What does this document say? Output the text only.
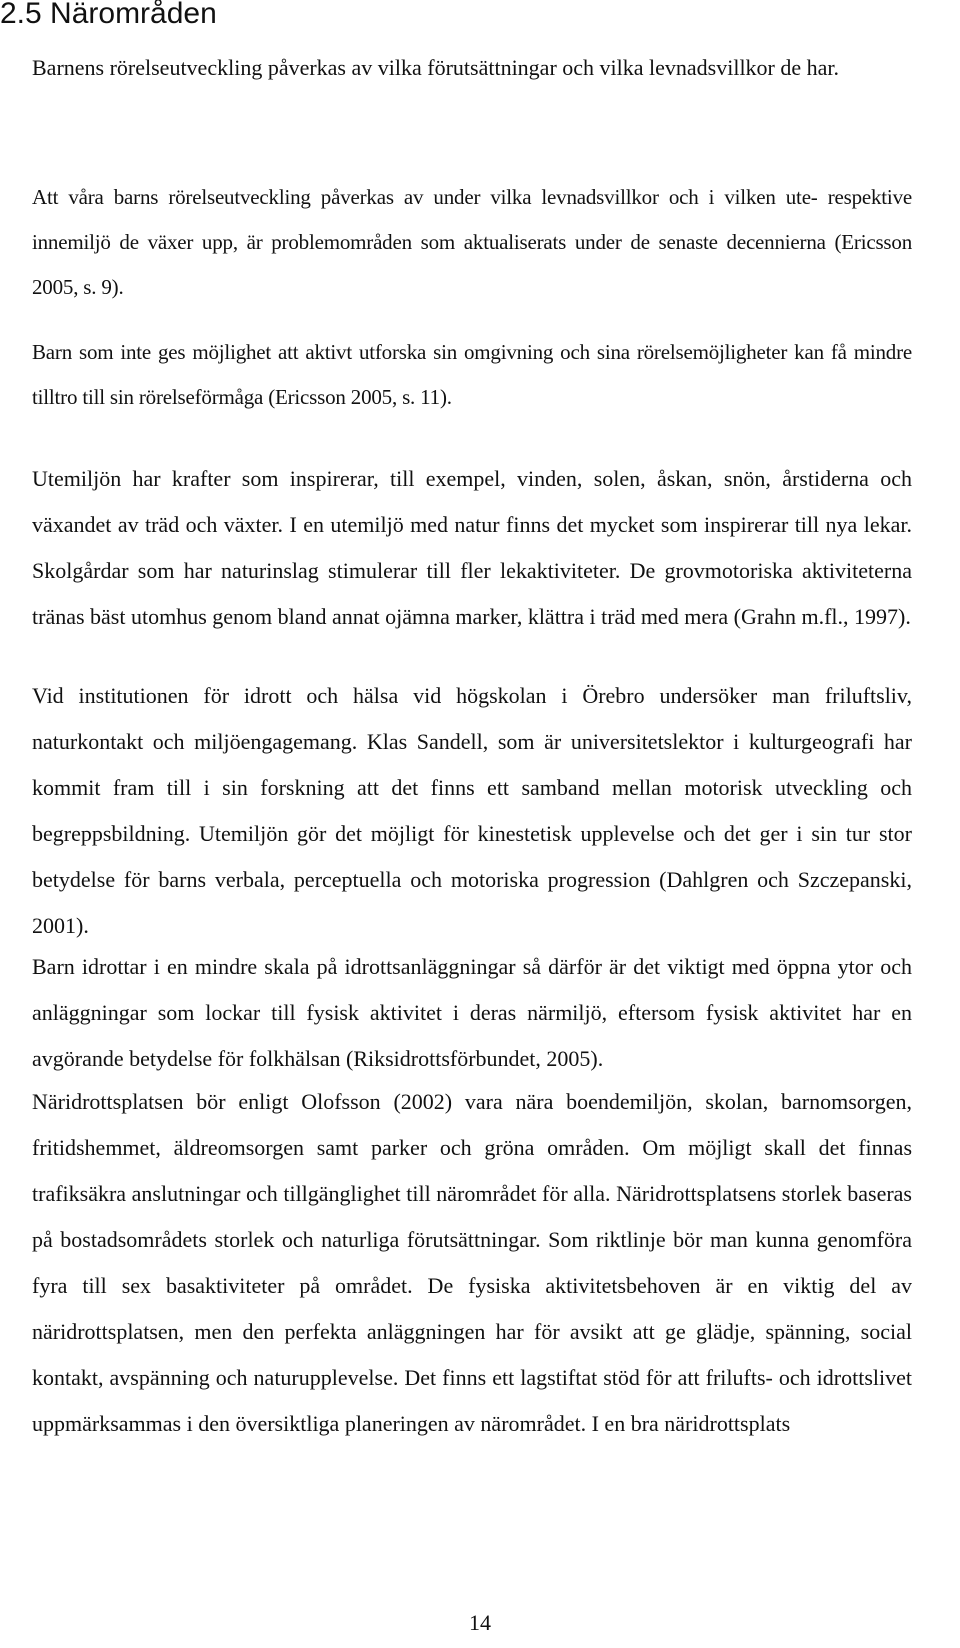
2.5 Närområden

Barnens rörelseutveckling påverkas av vilka förutsättningar och vilka levnadsvillkor de har.

Att våra barns rörelseutveckling påverkas av under vilka levnadsvillkor och i vilken ute- respektive innemiljö de växer upp, är problemområden som aktualiserats under de senaste decennierna (Ericsson 2005, s. 9).

Barn som inte ges möjlighet att aktivt utforska sin omgivning och sina rörelsemöjligheter kan få mindre tilltro till sin rörelseförmåga (Ericsson 2005, s. 11).

Utemiljön har krafter som inspirerar, till exempel, vinden, solen, åskan, snön, årstiderna och växandet av träd och växter. I en utemiljö med natur finns det mycket som inspirerar till nya lekar. Skolgårdar som har naturinslag stimulerar till fler lekaktiviteter. De grovmotoriska aktiviteterna tränas bäst utomhus genom bland annat ojämna marker, klättra i träd med mera (Grahn m.fl., 1997).

Vid institutionen för idrott och hälsa vid högskolan i Örebro undersöker man friluftsliv, naturkontakt och miljöengagemang. Klas Sandell, som är universitetslektor i kulturgeografi har kommit fram till i sin forskning att det finns ett samband mellan motorisk utveckling och begreppsbildning. Utemiljön gör det möjligt för kinestetisk upplevelse och det ger i sin tur stor betydelse för barns verbala, perceptuella och motoriska progression (Dahlgren och Szczepanski, 2001).

Barn idrottar i en mindre skala på idrottsanläggningar så därför är det viktigt med öppna ytor och anläggningar som lockar till fysisk aktivitet i deras närmiljö, eftersom fysisk aktivitet har en avgörande betydelse för folkhälsan (Riksidrottsförbundet, 2005).

Näridrottsplatsen bör enligt Olofsson (2002) vara nära boendemiljön, skolan, barnomsorgen, fritidshemmet, äldreomsorgen samt parker och gröna områden. Om möjligt skall det finnas trafiksäkra anslutningar och tillgänglighet till närområdet för alla. Näridrottsplatsens storlek baseras på bostadsområdets storlek och naturliga förutsättningar. Som riktlinje bör man kunna genomföra fyra till sex basaktiviteter på området. De fysiska aktivitetsbehoven är en viktig del av näridrottsplatsen, men den perfekta anläggningen har för avsikt att ge glädje, spänning, social kontakt, avspänning och naturupplevelse. Det finns ett lagstiftat stöd för att frilufts- och idrottslivet uppmärksammas i den översiktliga planeringen av närområdet. I en bra näridrottsplats

14
